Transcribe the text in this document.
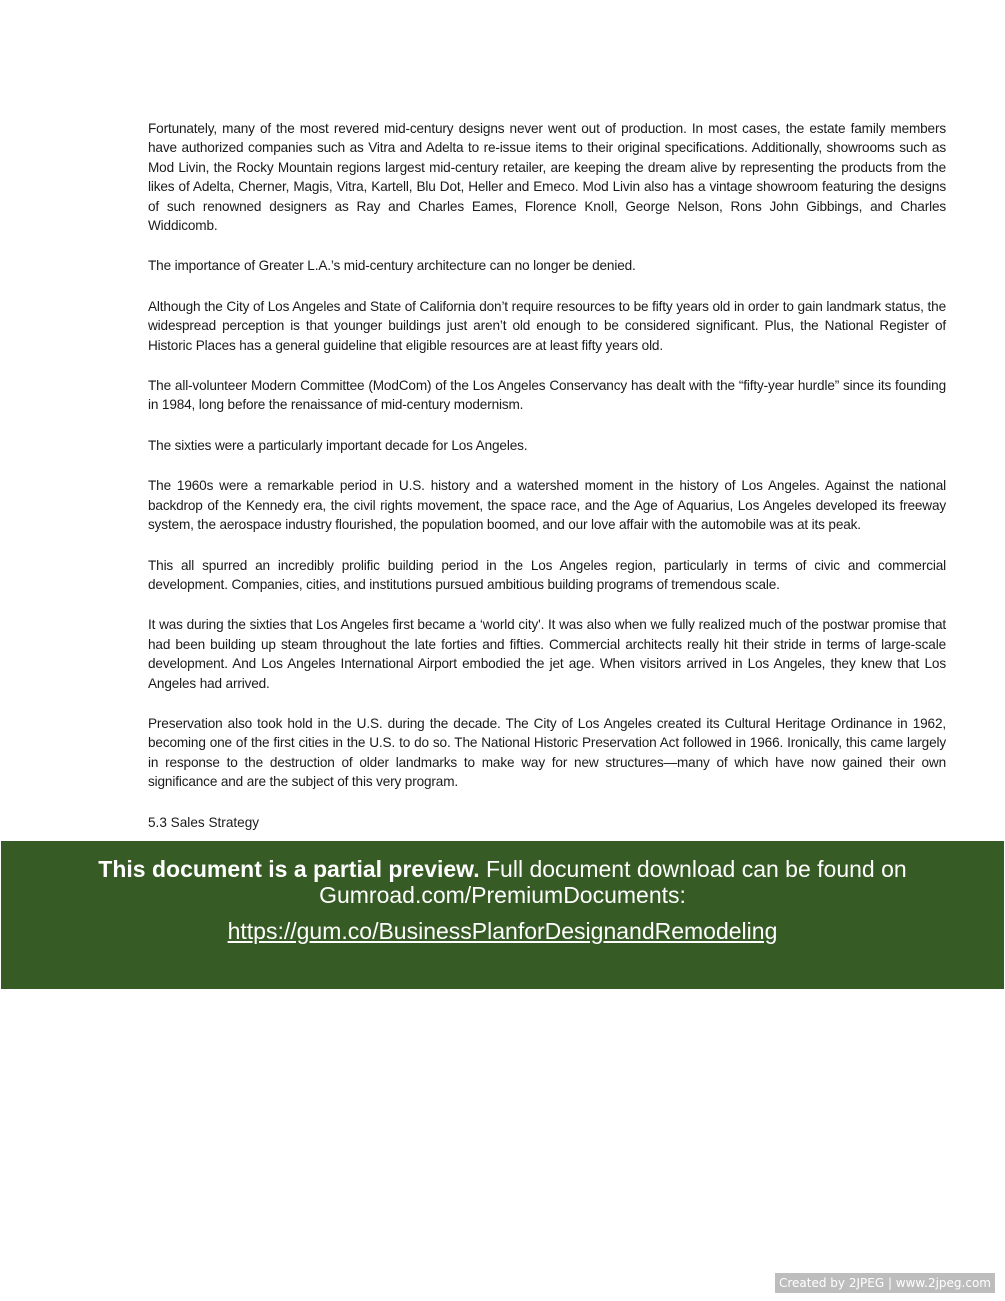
Fortunately, many of the most revered mid-century designs never went out of production. In most cases, the estate family members have authorized companies such as Vitra and Adelta to re-issue items to their original specifications. Additionally, showrooms such as Mod Livin, the Rocky Mountain regions largest mid-century retailer, are keeping the dream alive by representing the products from the likes of Adelta, Cherner, Magis, Vitra, Kartell, Blu Dot, Heller and Emeco. Mod Livin also has a vintage showroom featuring the designs of such renowned designers as Ray and Charles Eames, Florence Knoll, George Nelson, Rons John Gibbings, and Charles Widdicomb.

The importance of Greater L.A.’s mid-century architecture can no longer be denied.

Although the City of Los Angeles and State of California don’t require resources to be fifty years old in order to gain landmark status, the widespread perception is that younger buildings just aren’t old enough to be considered significant. Plus, the National Register of Historic Places has a general guideline that eligible resources are at least fifty years old.

The all-volunteer Modern Committee (ModCom) of the Los Angeles Conservancy has dealt with the “fifty-year hurdle” since its founding in 1984, long before the renaissance of mid-century modernism.

The sixties were a particularly important decade for Los Angeles.

The 1960s were a remarkable period in U.S. history and a watershed moment in the history of Los Angeles. Against the national backdrop of the Kennedy era, the civil rights movement, the space race, and the Age of Aquarius, Los Angeles developed its freeway system, the aerospace industry flourished, the population boomed, and our love affair with the automobile was at its peak.

This all spurred an incredibly prolific building period in the Los Angeles region, particularly in terms of civic and commercial development. Companies, cities, and institutions pursued ambitious building programs of tremendous scale.

It was during the sixties that Los Angeles first became a ‘world city'. It was also when we fully realized much of the postwar promise that had been building up steam throughout the late forties and fifties. Commercial architects really hit their stride in terms of large-scale development. And Los Angeles International Airport embodied the jet age. When visitors arrived in Los Angeles, they knew that Los Angeles had arrived.

Preservation also took hold in the U.S. during the decade. The City of Los Angeles created its Cultural Heritage Ordinance in 1962, becoming one of the first cities in the U.S. to do so. The National Historic Preservation Act followed in 1966. Ironically, this came largely in response to the destruction of older landmarks to make way for new structures—many of which have now gained their own significance and are the subject of this very program.

5.3 Sales Strategy

This document is a partial preview. Full document download can be found on Gumroad.com/PremiumDocuments:
https://gum.co/BusinessPlanforDesignandRemodeling
Created by 2JPEG | www.2jpeg.com
